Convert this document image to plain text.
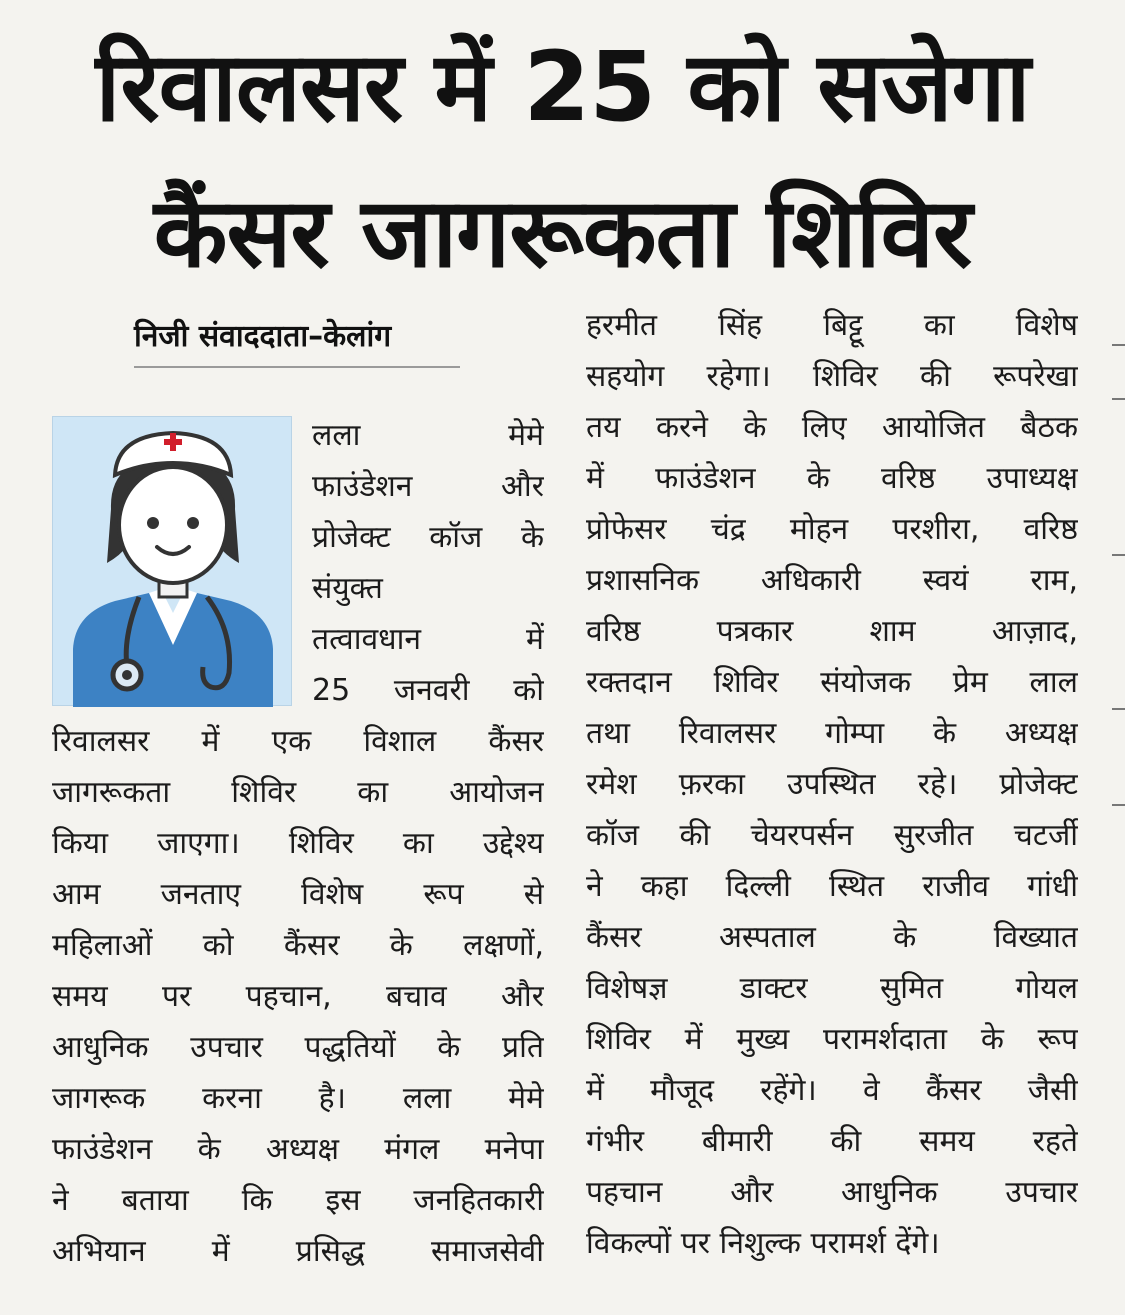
रिवालसर में 25 को सजेगा
कैंसर जागरूकता शिविर
निजी संवाददाता–केलांग
लला मेमे
फाउंडेशन और
प्रोजेक्ट कॉज के
संयुक्त
तत्वावधान में
25 जनवरी को
रिवालसर में एक विशाल कैंसर
जागरूकता शिविर का आयोजन
किया जाएगा। शिविर का उद्देश्य
आम जनताए विशेष रूप से
महिलाओं को कैंसर के लक्षणों,
समय पर पहचान, बचाव और
आधुनिक उपचार पद्धतियों के प्रति
जागरूक करना है। लला मेमे
फाउंडेशन के अध्यक्ष मंगल मनेपा
ने बताया कि इस जनहितकारी
अभियान में प्रसिद्ध समाजसेवी
हरमीत सिंह बिट्टू का विशेष
सहयोग रहेगा। शिविर की रूपरेखा
तय करने के लिए आयोजित बैठक
में फाउंडेशन के वरिष्ठ उपाध्यक्ष
प्रोफेसर चंद्र मोहन परशीरा, वरिष्ठ
प्रशासनिक अधिकारी स्वयं राम,
वरिष्ठ पत्रकार शाम आज़ाद,
रक्तदान शिविर संयोजक प्रेम लाल
तथा रिवालसर गोम्पा के अध्यक्ष
रमेश फ़रका उपस्थित रहे। प्रोजेक्ट
कॉज की चेयरपर्सन सुरजीत चटर्जी
ने कहा दिल्ली स्थित राजीव गांधी
कैंसर अस्पताल के विख्यात
विशेषज्ञ डाक्टर सुमित गोयल
शिविर में मुख्य परामर्शदाता के रूप
में मौजूद रहेंगे। वे कैंसर जैसी
गंभीर बीमारी की समय रहते
पहचान और आधुनिक उपचार
विकल्पों पर निशुल्क परामर्श देंगे।
